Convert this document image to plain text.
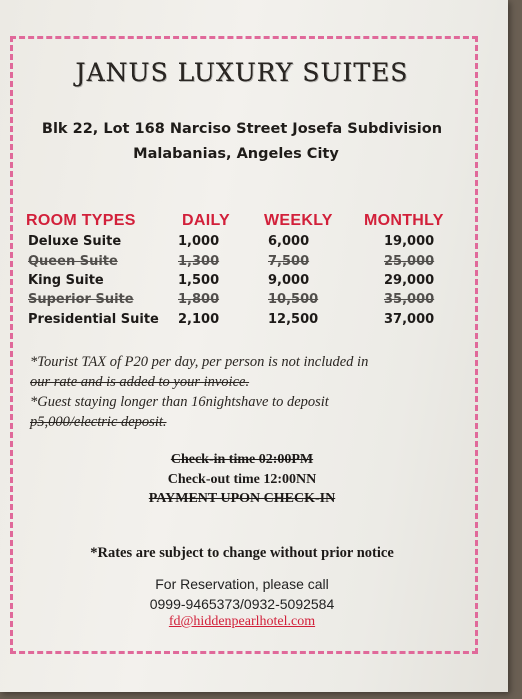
JANUS LUXURY SUITES
Blk 22, Lot 168 Narciso Street Josefa Subdivision
Malabanias, Angeles City
ROOM TYPES	DAILY WEEKLY MONTHLY
Deluxe Suite	1,000	6,000	19,000
Queen Suite	1,300	7,500	25,000
King Suite	1,500	9,000	29,000
Superior Suite	1,800	10,500	35,000
Presidential Suite 2,100	12,500	37,000
*Tourist TAX of P20 per day, per person is not included in
our rate and is added to your invoice.
*Guest staying longer than 16nightshave to deposit
p5,000/electric deposit.
Check-in time 02:00PM
Check-out time 12:00NN
PAYMENT UPON CHECK-IN
*Rates are subject to change without prior notice
For Reservation, please call
0999-9465373/0932-5092584
fd@hiddenpearlhotel.com
